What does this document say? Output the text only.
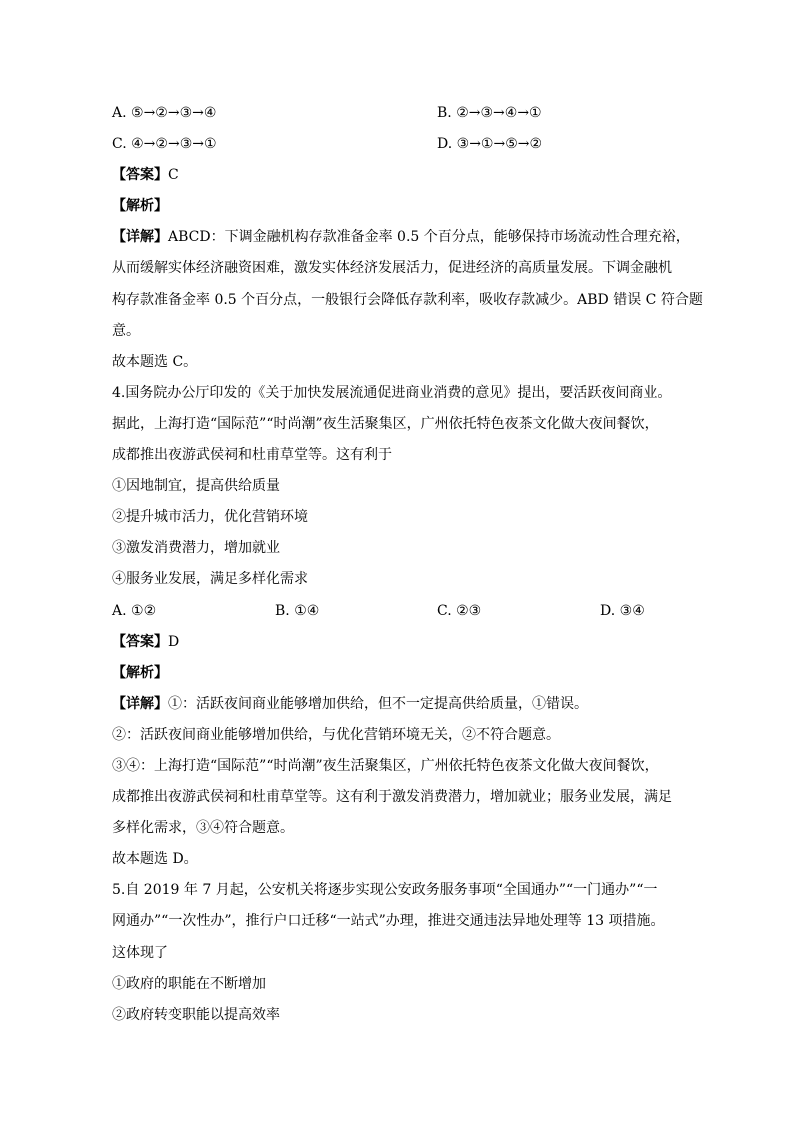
A. ⑤→②→③→④	B. ②→③→④→①
C. ④→②→③→①	D. ③→①→⑤→②
【答案】C
【解析】
【详解】ABCD：下调金融机构存款准备金率 0.5 个百分点，能够保持市场流动性合理充裕，
从而缓解实体经济融资困难，激发实体经济发展活力，促进经济的高质量发展。下调金融机
构存款准备金率 0.5 个百分点，一般银行会降低存款利率，吸收存款减少。ABD 错误 C 符合题
意。
故本题选 C。
4.国务院办公厅印发的《关于加快发展流通促进商业消费的意见》提出，要活跃夜间商业。
据此，上海打造“国际范”“时尚潮”夜生活聚集区，广州依托特色夜茶文化做大夜间餐饮，
成都推出夜游武侯祠和杜甫草堂等。这有利于
①因地制宜，提高供给质量
②提升城市活力，优化营销环境
③激发消费潜力，增加就业
④服务业发展，满足多样化需求
A. ①②	B. ①④	C. ②③	D. ③④
【答案】D
【解析】
【详解】①：活跃夜间商业能够增加供给，但不一定提高供给质量，①错误。
②：活跃夜间商业能够增加供给，与优化营销环境无关，②不符合题意。
③④：上海打造“国际范”“时尚潮”夜生活聚集区，广州依托特色夜茶文化做大夜间餐饮，
成都推出夜游武侯祠和杜甫草堂等。这有利于激发消费潜力，增加就业；服务业发展，满足
多样化需求，③④符合题意。
故本题选 D。
5.自 2019 年 7 月起，公安机关将逐步实现公安政务服务事项“全国通办”“一门通办”“一
网通办”“一次性办”，推行户口迁移“一站式”办理，推进交通违法异地处理等 13 项措施。
这体现了
①政府的职能在不断增加
②政府转变职能以提高效率
